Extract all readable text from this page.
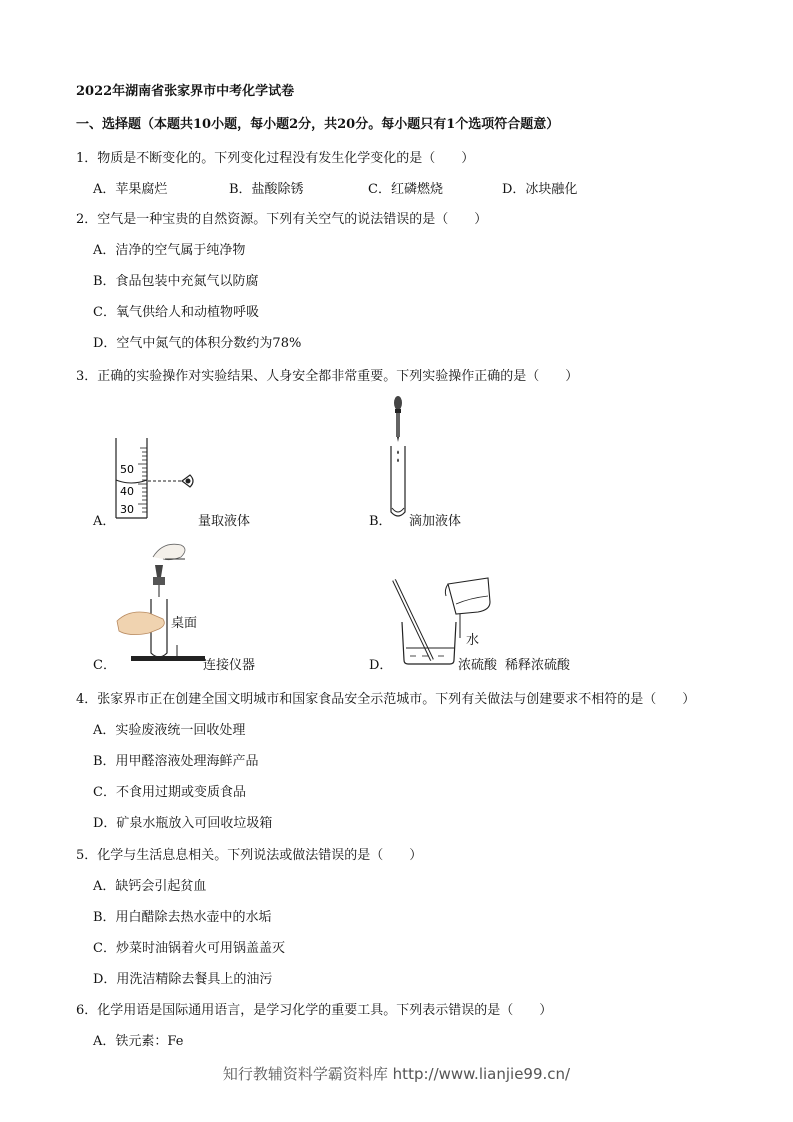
2022年湖南省张家界市中考化学试卷
一、选择题（本题共10小题，每小题2分，共20分。每小题只有1个选项符合题意）
1．物质是不断变化的。下列变化过程没有发生化学变化的是（　　）
A．苹果腐烂	B．盐酸除锈	C．红磷燃烧	D．冰块融化
2．空气是一种宝贵的自然资源。下列有关空气的说法错误的是（　　）
A．洁净的空气属于纯净物
B．食品包装中充氮气以防腐
C．氧气供给人和动植物呼吸
D．空气中氮气的体积分数约为78%
3．正确的实验操作对实验结果、人身安全都非常重要。下列实验操作正确的是（　　）
50
40
30
A．	量取液体	B． 滴加液体
桌面
C．	连接仪器
水
D．	浓硫酸 稀释浓硫酸
4．张家界市正在创建全国文明城市和国家食品安全示范城市。下列有关做法与创建要求不相符的是（　　）
A．实验废液统一回收处理
B．用甲醛溶液处理海鲜产品
C．不食用过期或变质食品
D．矿泉水瓶放入可回收垃圾箱
5．化学与生活息息相关。下列说法或做法错误的是（　　）
A．缺钙会引起贫血
B．用白醋除去热水壶中的水垢
C．炒菜时油锅着火可用锅盖盖灭
D．用洗洁精除去餐具上的油污
6．化学用语是国际通用语言，是学习化学的重要工具。下列表示错误的是（　　）
A．铁元素：Fe
知行教辅资料学霸资料库 http://www.lianjie99.cn/
